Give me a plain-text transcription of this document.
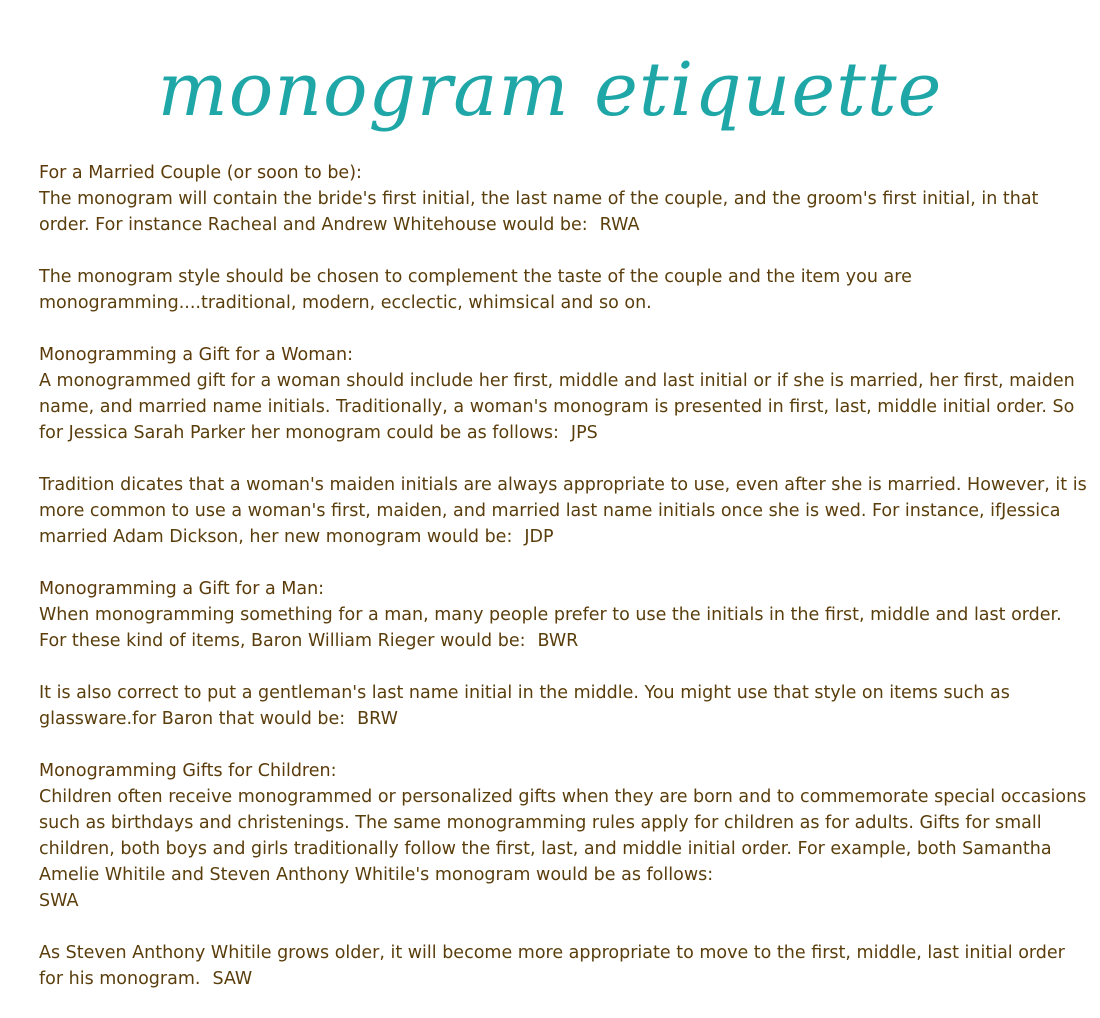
monogram etiquette
For a Married Couple (or soon to be):

The monogram will contain the bride's first initial, the last name of the couple, and the groom's first initial, in that order. For instance Racheal and Andrew Whitehouse would be: RWA

The monogram style should be chosen to complement the taste of the couple and the item you are monogramming....traditional, modern, ecclectic, whimsical and so on.

Monogramming a Gift for a Woman:

A monogrammed gift for a woman should include her first, middle and last initial or if she is married, her first, maiden name, and married name initials. Traditionally, a woman's monogram is presented in first, last, middle initial order. So for Jessica Sarah Parker her monogram could be as follows: JPS

Tradition dicates that a woman's maiden initials are always appropriate to use, even after she is married. However, it is more common to use a woman's first, maiden, and married last name initials once she is wed. For instance, ifJessica married Adam Dickson, her new monogram would be: JDP

Monogramming a Gift for a Man:

When monogramming something for a man, many people prefer to use the initials in the first, middle and last order. For these kind of items, Baron William Rieger would be: BWR

It is also correct to put a gentleman's last name initial in the middle. You might use that style on items such as glassware.for Baron that would be: BRW

Monogramming Gifts for Children:

Children often receive monogrammed or personalized gifts when they are born and to commemorate special occasions such as birthdays and christenings. The same monogramming rules apply for children as for adults. Gifts for small children, both boys and girls traditionally follow the first, last, and middle initial order. For example, both Samantha Amelie Whitile and Steven Anthony Whitile's monogram would be as follows:
SWA

As Steven Anthony Whitile grows older, it will become more appropriate to move to the first, middle, last initial order for his monogram. SAW
